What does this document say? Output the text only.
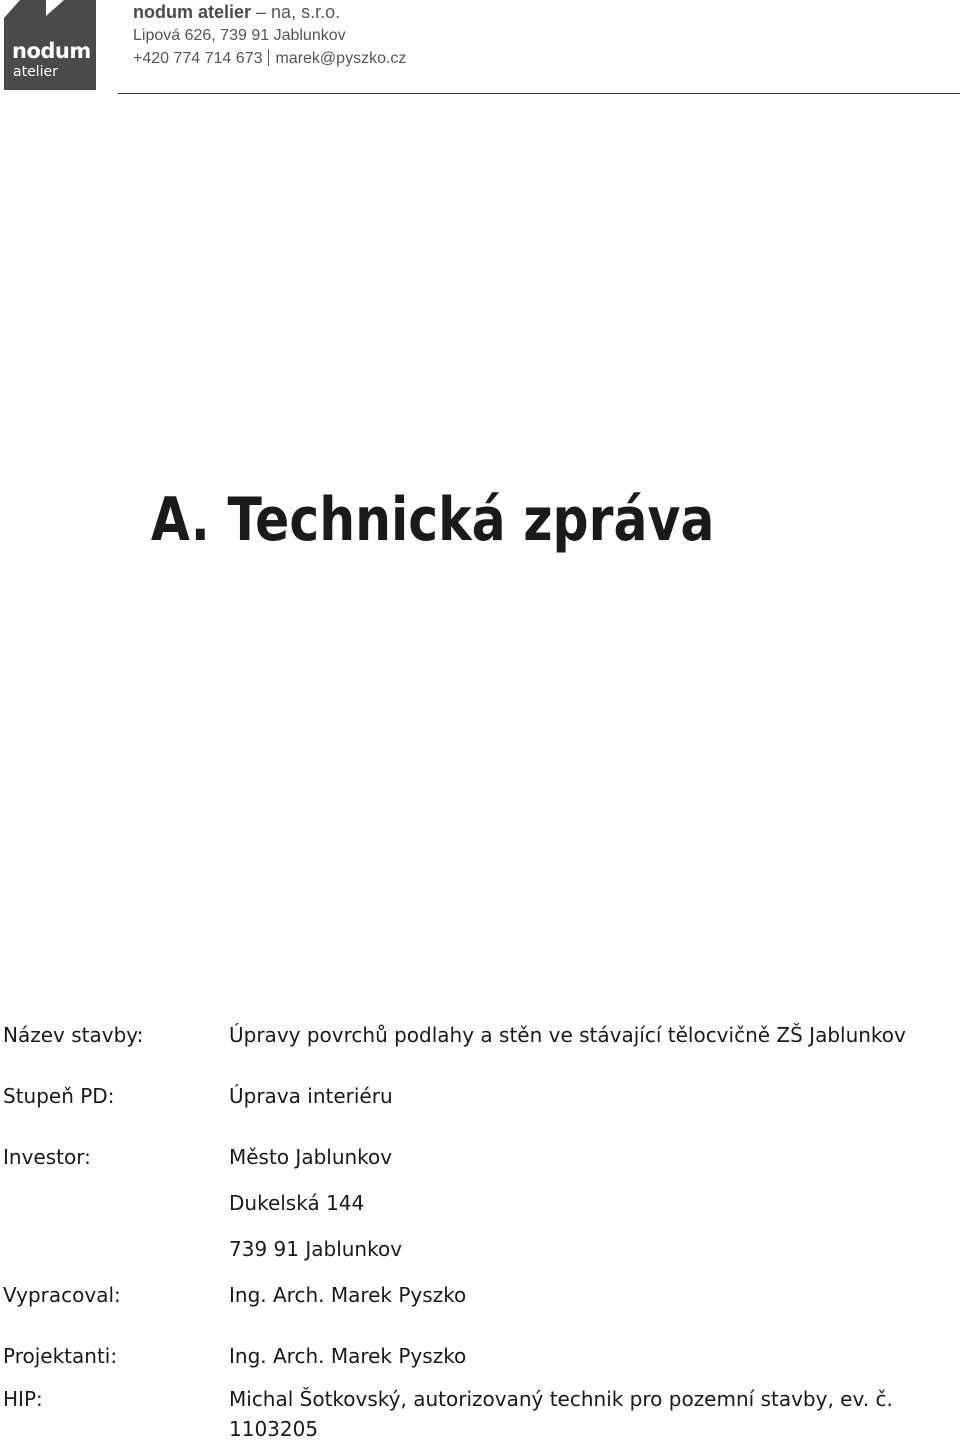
nodum
atelier
nodum atelier – na, s.r.o.
Lipová 626, 739 91 Jablunkov
+420 774 714 673 marek@pyszko.cz
A. Technická zpráva
Název stavby:	Úpravy povrchů podlahy a stěn ve stávající tělocvičně ZŠ Jablunkov
Stupeň PD:	Úprava interiéru
Investor:	Město Jablunkov
Dukelská 144
739 91 Jablunkov
Vypracoval:	Ing. Arch. Marek Pyszko
Projektanti:	Ing. Arch. Marek Pyszko
HIP:	Michal Šotkovský, autorizovaný technik pro pozemní stavby, ev. č.
1103205
